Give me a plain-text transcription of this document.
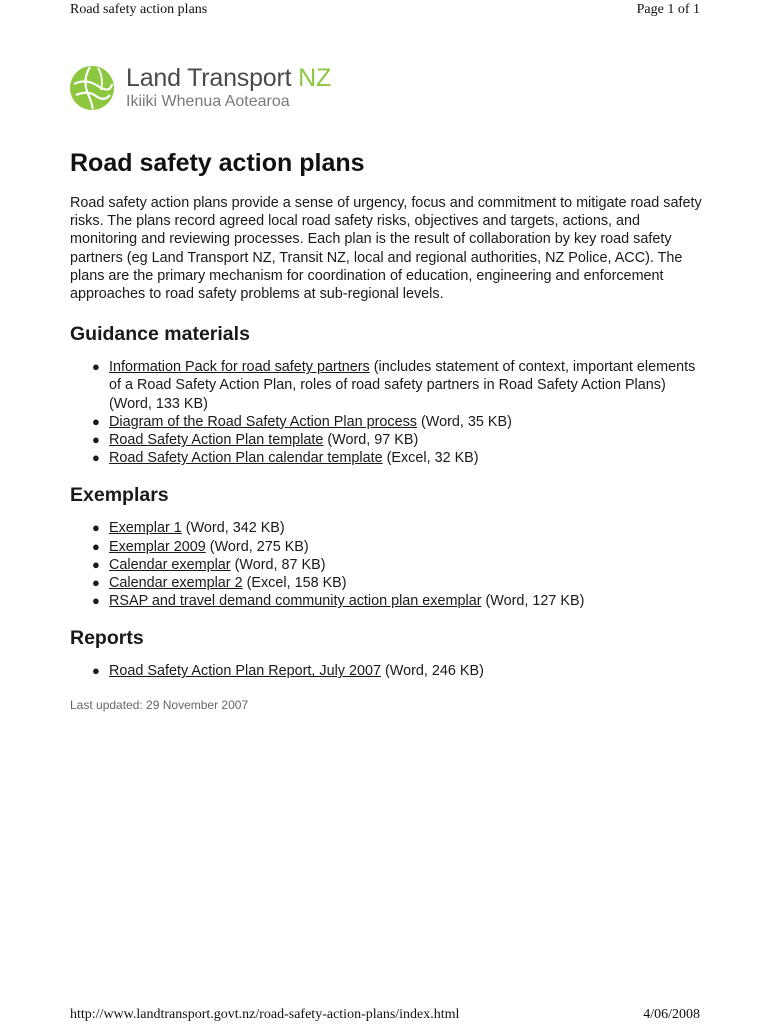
Road safety action plans	Page 1 of 1
Land Transport NZ
Ikiiki Whenua Aotearoa
Road safety action plans

Road safety action plans provide a sense of urgency, focus and commitment to mitigate road safety risks. The plans record agreed local road safety risks, objectives and targets, actions, and monitoring and reviewing processes. Each plan is the result of collaboration by key road safety partners (eg Land Transport NZ, Transit NZ, local and regional authorities, NZ Police, ACC). The plans are the primary mechanism for coordination of education, engineering and enforcement approaches to road safety problems at sub-regional levels.

Guidance materials
● Information Pack for road safety partners (includes statement of context, important elements of a Road Safety Action Plan, roles of road safety partners in Road Safety Action Plans) (Word, 133 KB)
● Diagram of the Road Safety Action Plan process (Word, 35 KB)
● Road Safety Action Plan template (Word, 97 KB)
● Road Safety Action Plan calendar template (Excel, 32 KB)
Exemplars
● Exemplar 1 (Word, 342 KB)
● Exemplar 2009 (Word, 275 KB)
● Calendar exemplar (Word, 87 KB)
● Calendar exemplar 2 (Excel, 158 KB)
● RSAP and travel demand community action plan exemplar (Word, 127 KB)
Reports
● Road Safety Action Plan Report, July 2007 (Word, 246 KB)
Last updated: 29 November 2007
http://www.landtransport.govt.nz/road-safety-action-plans/index.html	4/06/2008
